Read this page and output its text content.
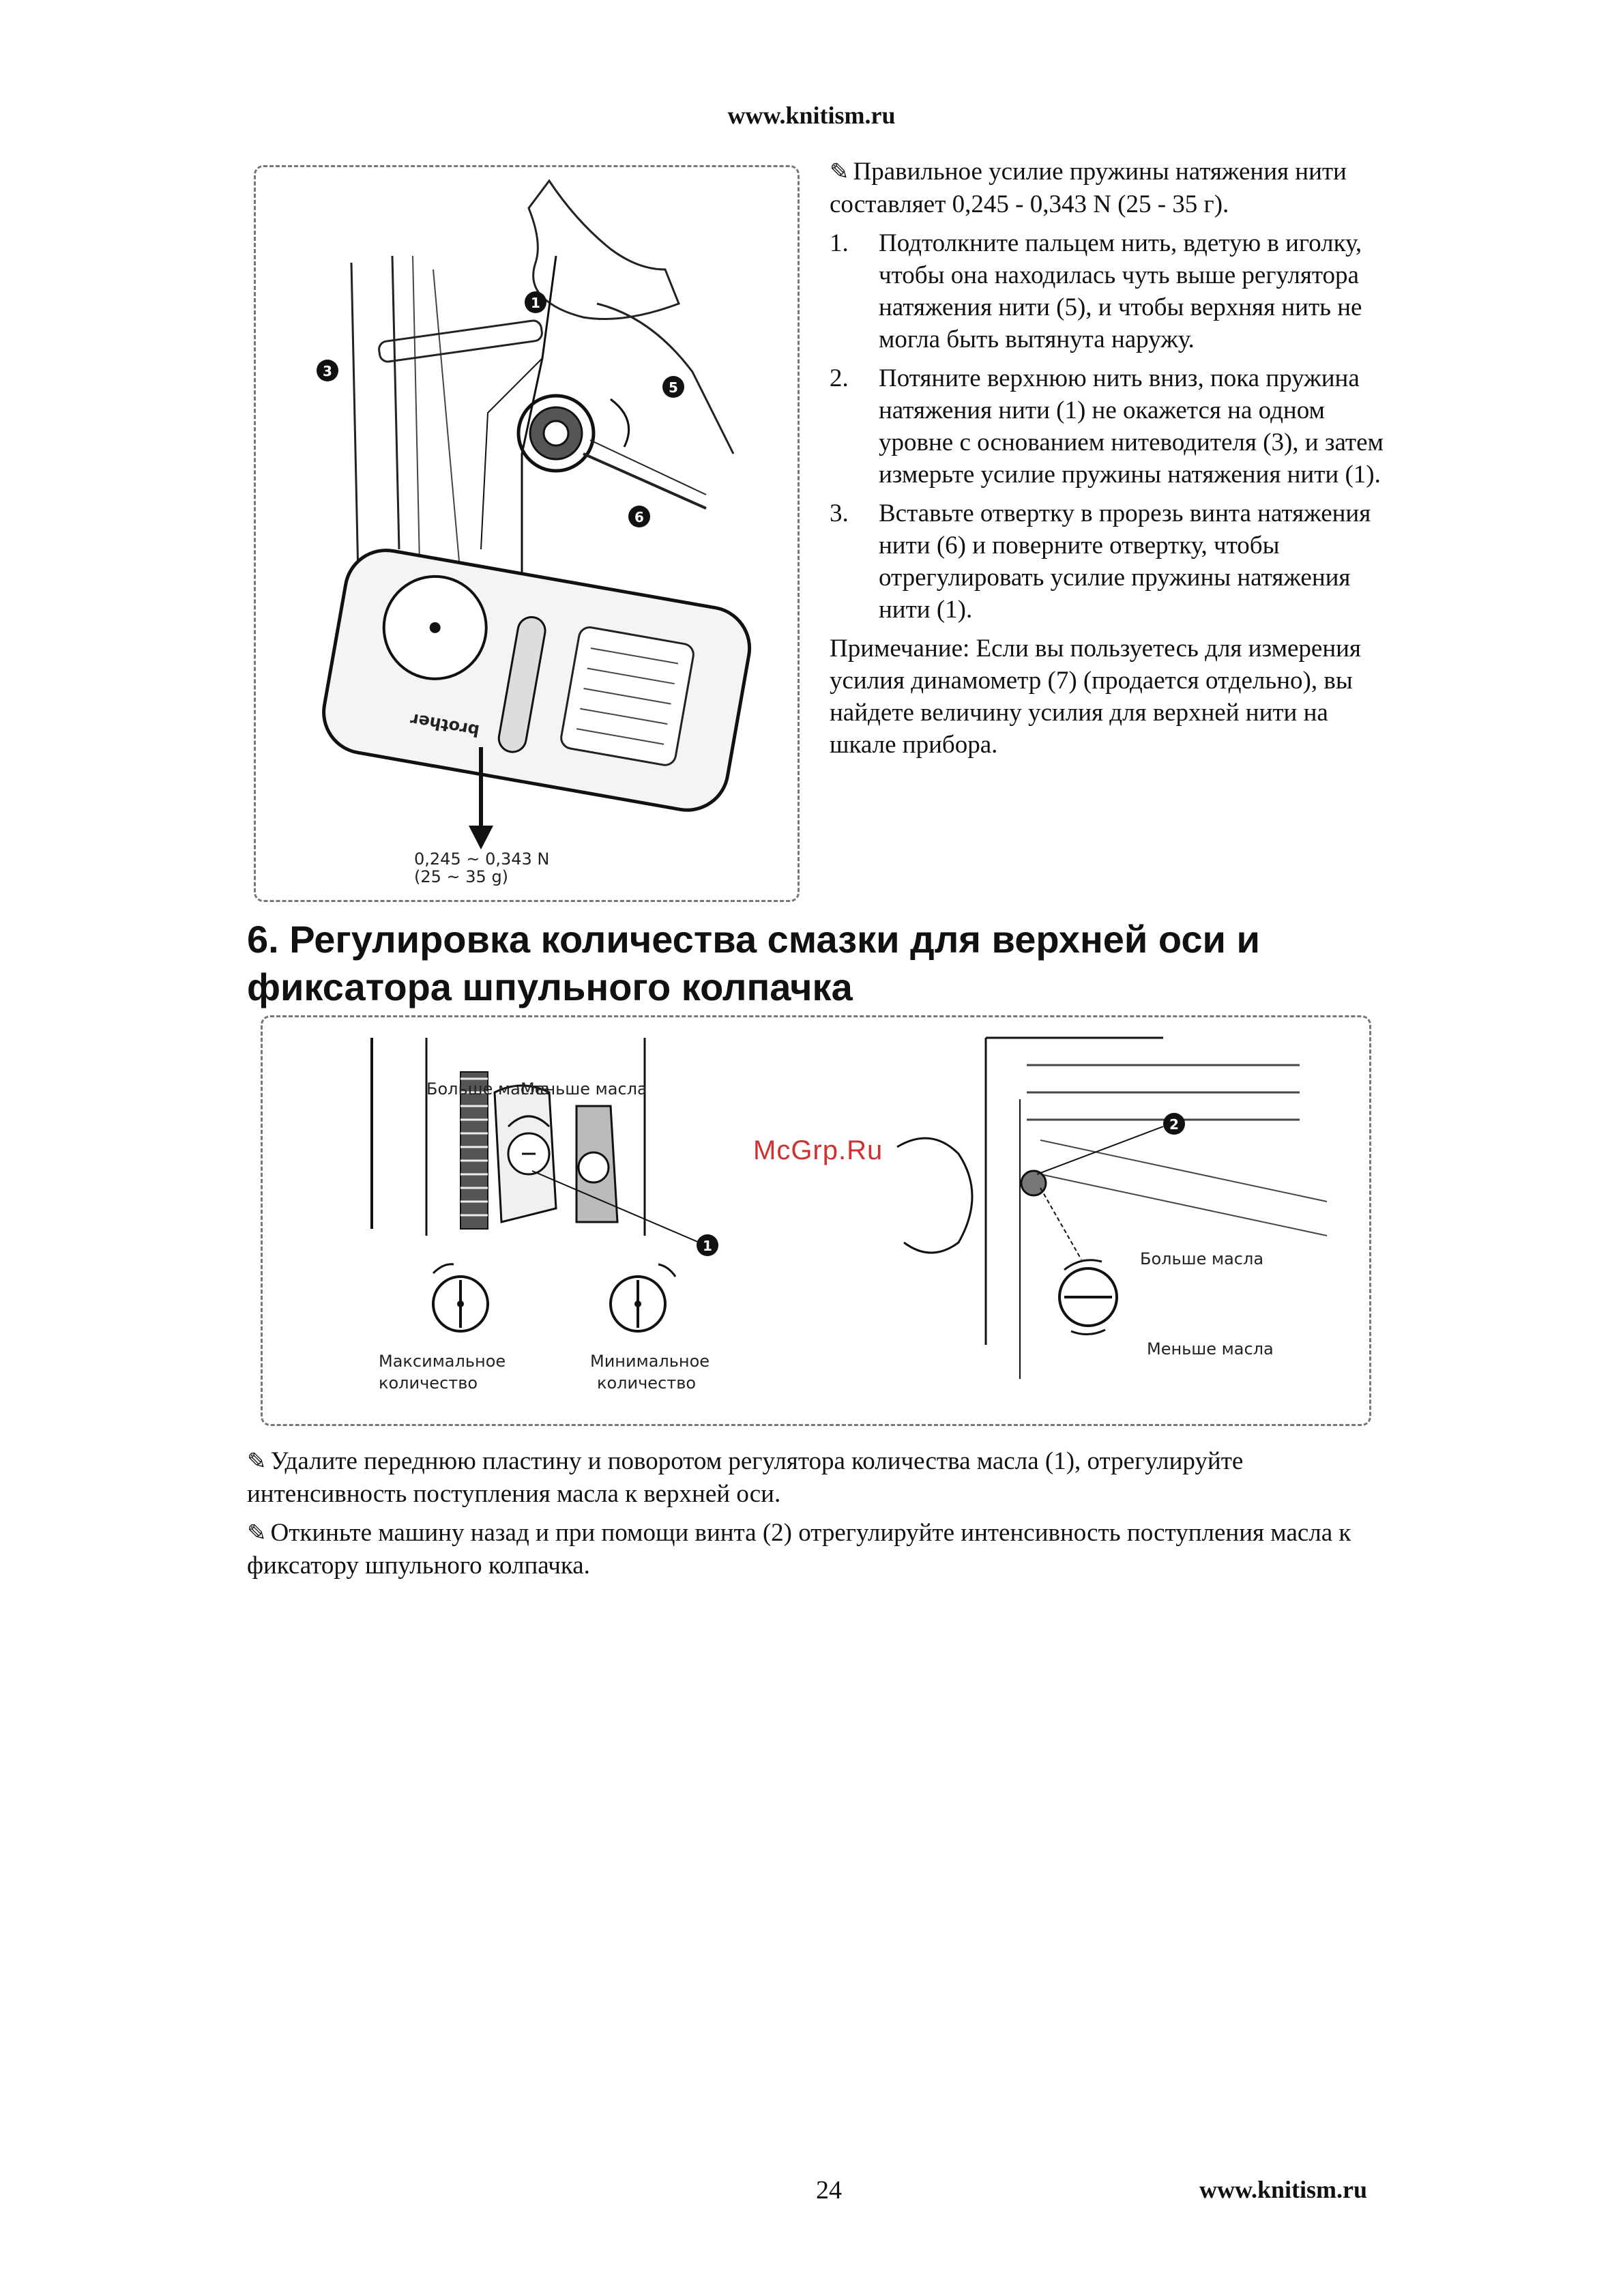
www.knitism.ru
1
3
5
6
brother
0,245 ~ 0,343 N
(25 ~ 35 g)
✎ Правильное усилие пружины натяжения нити составляет 0,245 - 0,343 N (25 - 35 г).
1. Подтолкните пальцем нить, вдетую в иголку, чтобы она находилась чуть выше регулятора натяжения нити (5), и чтобы верхняя нить не могла быть вытянута наружу.
2. Потяните верхнюю нить вниз, пока пружина натяжения нити (1) не окажется на одном уровне с основанием нитеводителя (3), и затем измерьте усилие пружины натяжения нити (1).
3. Вставьте отвертку в прорезь винта натяжения нити (6) и поверните отвертку, чтобы отрегулировать усилие пружины натяжения нити (1).
Примечание: Если вы пользуетесь для измерения усилия динамометр (7) (продается отдельно), вы найдете величину усилия для верхней нити на шкале прибора.
6. Регулировка количества смазки для верхней оси и фиксатора шпульного колпачка
Больше масла
Меньше масла
1
Максимальное
количество
Минимальное
количество
2
Больше масла
Меньше масла
McGrp.Ru
✎ Удалите переднюю пластину и поворотом регулятора количества масла (1), отрегулируйте интенсивность поступления масла к верхней оси.
✎ Откиньте машину назад и при помощи винта (2) отрегулируйте интенсивность поступления масла к фиксатору шпульного колпачка.
24	www.knitism.ru
